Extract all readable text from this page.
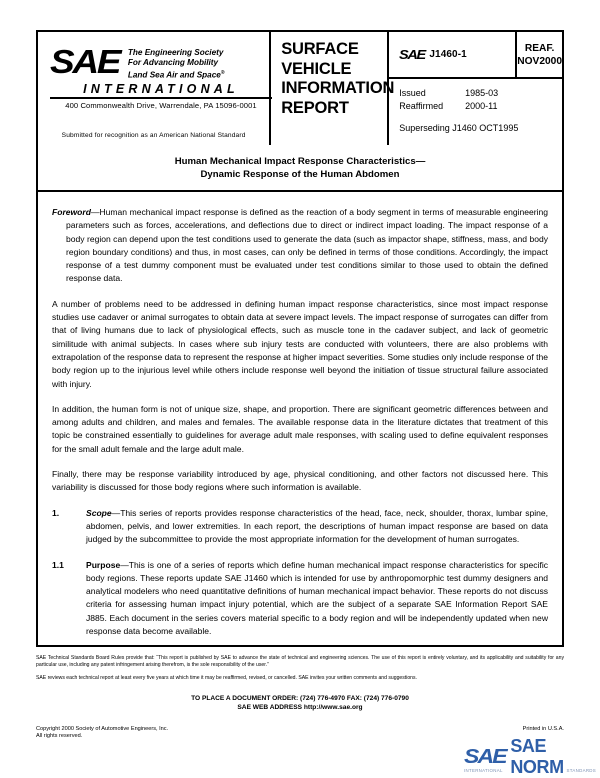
SAE The Engineering Society
For Advancing Mobility
Land Sea Air and Space®
INTERNATIONAL
400 Commonwealth Drive, Warrendale, PA 15096-0001
Submitted for recognition as an American National Standard
SURFACE
VEHICLE
INFORMATION
REPORT
SAE J1460-1
REAF.
NOV2000
Issued	1985-03
Reaffirmed	2000-11
Superseding J1460 OCT1995
Human Mechanical Impact Response Characteristics—
Dynamic Response of the Human Abdomen

Foreword—Human mechanical impact response is defined as the reaction of a body segment in terms of measurable engineering parameters such as forces, accelerations, and deflections due to direct or indirect impact loading. The impact response of a body region can depend upon the test conditions used to generate the data (such as impactor shape, stiffness, mass, and body region boundary conditions) and thus, in most cases, can only be defined in terms of those conditions. Accordingly, the impact response of a test dummy component must be evaluated under test conditions similar to those used to obtain the defined response data.

A number of problems need to be addressed in defining human impact response characteristics, since most impact response studies use cadaver or animal surrogates to obtain data at severe impact levels. The impact response of surrogates can differ from that of living humans due to lack of physiological effects, such as muscle tone in the cadaver subject, and lack of geometric similitude with animal subjects. In cases where sub injury tests are conducted with volunteers, there are also problems with extrapolation of the response data to represent the response at higher impact severities. Some studies only include response of the body region up to the injurious level while others include response well beyond the initiation of tissue structural failure associated with injury.

In addition, the human form is not of unique size, shape, and proportion. There are significant geometric differences between and among adults and children, and males and females. The available response data in the literature dictates that treatment of this topic be constrained essentially to guidelines for average adult male responses, with scaling used to define equivalent responses for the small adult female and the large adult male.

Finally, there may be response variability introduced by age, physical conditioning, and other factors not discussed here. This variability is discussed for those body regions where such information is available.

1.	Scope—This series of reports provides response characteristics of the head, face, neck, shoulder, thorax, lumbar spine, abdomen, pelvis, and lower extremities. In each report, the descriptions of human impact response are based on data judged by the subcommittee to provide the most appropriate information for the development of human surrogates.
1.1	Purpose—This is one of a series of reports which define human mechanical impact response characteristics for specific body regions. These reports update SAE J1460 which is intended for use by anthropomorphic test dummy designers and analytical modelers who need quantitative definitions of human mechanical impact behavior. These reports do not discuss criteria for assessing human impact injury potential, which are the subject of a separate SAE Information Report SAE J885. Each document in the series covers material specific to a body region and will be independently updated when new response data become available.
SAE Technical Standards Board Rules provide that: “This report is published by SAE to advance the state of technical and engineering sciences. The use of this report is entirely voluntary, and its applicability and suitability for any particular use, including any patent infringement arising therefrom, is the sole responsibility of the user.”
SAE reviews each technical report at least every five years at which time it may be reaffirmed, revised, or cancelled. SAE invites your written comments and suggestions.
TO PLACE A DOCUMENT ORDER: (724) 776-4970 FAX: (724) 776-0790
SAE WEB ADDRESS http://www.sae.org
Copyright 2000 Society of Automotive Engineers, Inc.
All rights reserved.
Printed in U.S.A.
SAE SAE NORM
INTERNATIONAL	STANDARDS
